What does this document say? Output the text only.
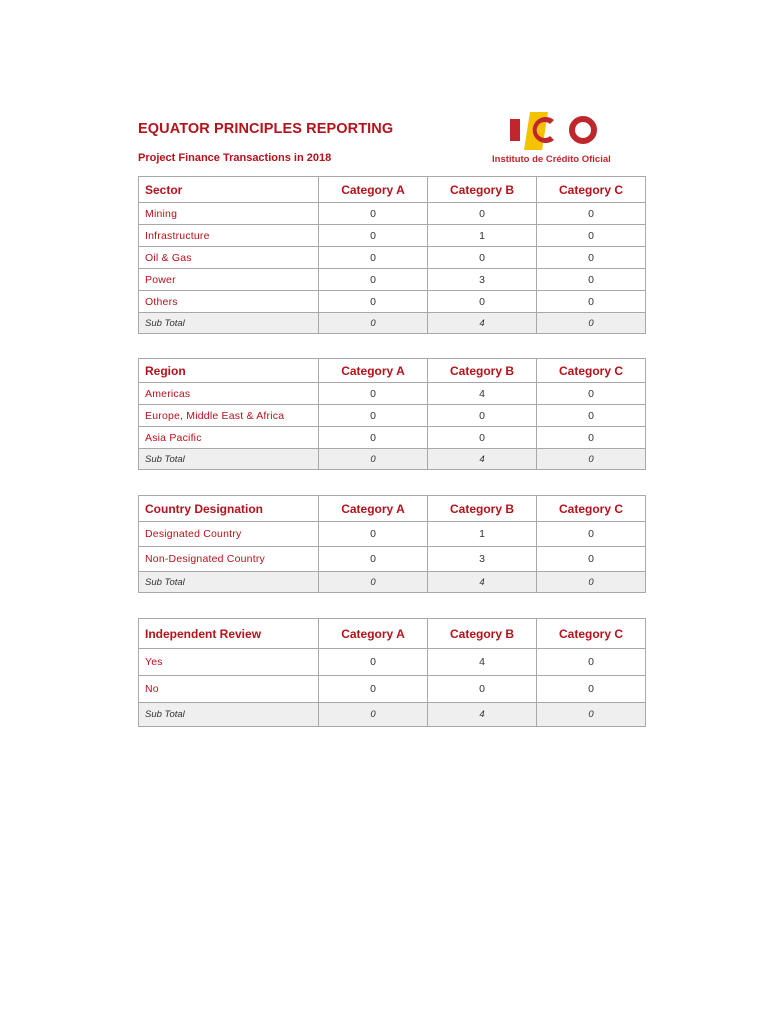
EQUATOR PRINCIPLES REPORTING
Project Finance Transactions in 2018	Instituto de Crédito Oficial
Sector	Category A	Category B	Category C
Mining	0	0	0
Infrastructure	0	1	0
Oil & Gas	0	0	0
Power	0	3	0
Others	0	0	0
Sub Total	0	4	0
Region	Category A	Category B	Category C
Americas	0	4	0
Europe, Middle East & Africa	0	0	0
Asia Pacific	0	0	0
Sub Total	0	4	0
Country Designation	Category A	Category B	Category C
Designated Country	0	1	0
Non-Designated Country	0	3	0
Sub Total	0	4	0
Independent Review	Category A	Category B	Category C
Yes	0	4	0
No	0	0	0
Sub Total	0	4	0
